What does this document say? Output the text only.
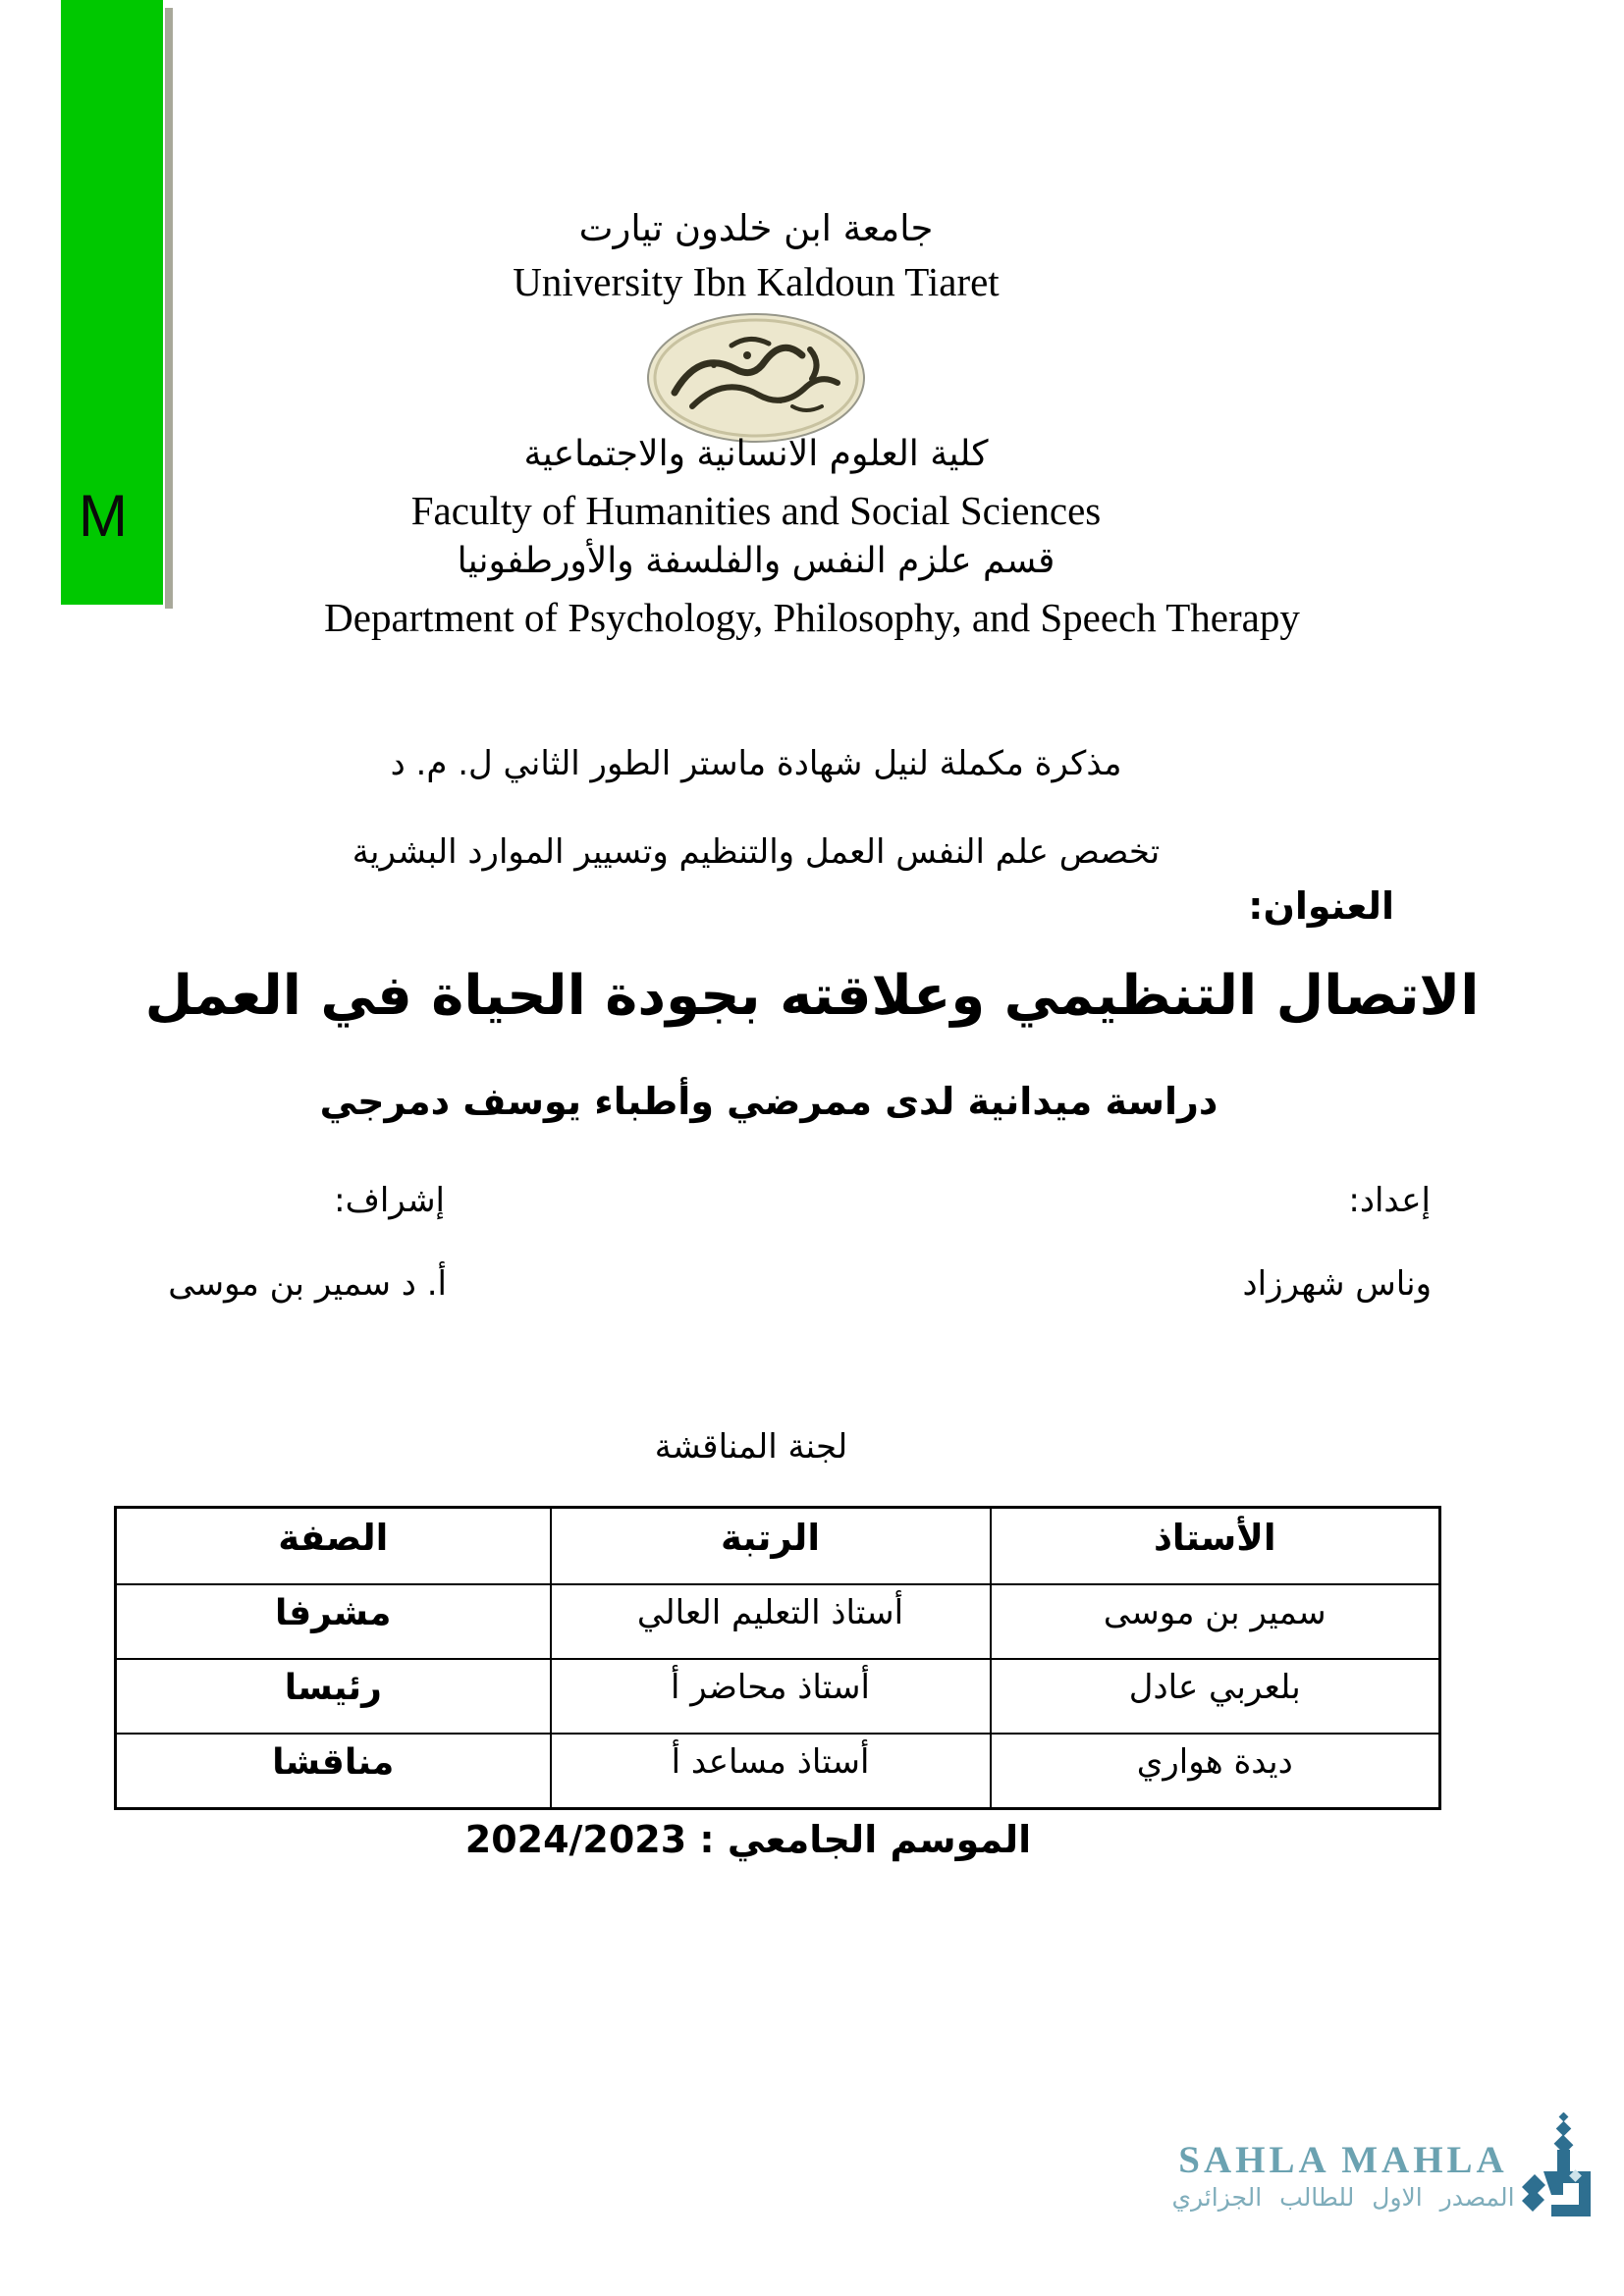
M
جامعة ابن خلدون تيارت
University Ibn Kaldoun Tiaret
كلية العلوم الانسانية والاجتماعية
Faculty of Humanities and Social Sciences
قسم علزم النفس والفلسفة والأورطفونيا
Department of Psychology, Philosophy, and Speech Therapy
مذكرة مكملة لنيل شهادة ماستر الطور الثاني ل. م. د
تخصص علم النفس العمل والتنظيم وتسيير الموارد البشرية
العنوان:
الاتصال التنظيمي وعلاقته بجودة الحياة في العمل
دراسة ميدانية لدى ممرضي وأطباء يوسف دمرجي
إعداد:
إشراف:
وناس شهرزاد
أ. د سمير بن موسى
لجنة المناقشة
الأستاذ	الرتبة	الصفة
سمير بن موسى	أستاذ التعليم العالي	مشرفا
بلعربي عادل	أستاذ محاضر أ	رئيسا
ديدة هواري	أستاذ مساعد أ	مناقشا
الموسم الجامعي : 2024/2023
SAHLA MAHLA
المصدر الاول للطالب الجزائري
